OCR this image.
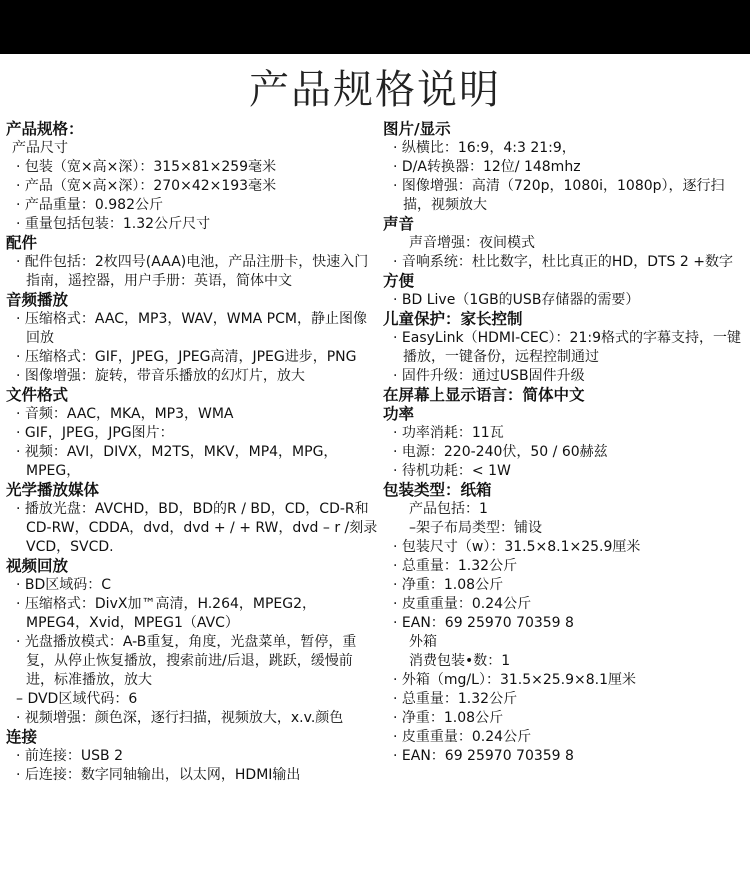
产品规格说明
产品规格：
产品尺寸
· 包装（宽×高×深）：315×81×259毫米
· 产品（宽×高×深）：270×42×193毫米
· 产品重量：0.982公斤
· 重量包括包装：1.32公斤尺寸
配件
· 配件包括：2枚四号(AAA)电池，产品注册卡，快速入门指南，遥控器，用户手册：英语，简体中文
音频播放
· 压缩格式：AAC，MP3，WAV，WMA PCM，静止图像回放
· 压缩格式：GIF，JPEG，JPEG高清，JPEG进步，PNG
· 图像增强：旋转，带音乐播放的幻灯片，放大
文件格式
· 音频：AAC，MKA，MP3，WMA
· GIF，JPEG，JPG图片：
· 视频：AVI，DIVX，M2TS，MKV，MP4，MPG，MPEG，
光学播放媒体
· 播放光盘：AVCHD，BD，BD的R / BD，CD，CD-R和CD-RW，CDDA，dvd，dvd + / + RW，dvd – r /刻录VCD，SVCD.
视频回放
· BD区域码：C
· 压缩格式：DivX加™高清，H.264，MPEG2，MPEG4，Xvid，MPEG1（AVC）
· 光盘播放模式：A-B重复，角度，光盘菜单，暂停，重复，从停止恢复播放，搜索前进/后退，跳跃，缓慢前进，标准播放，放大
– DVD区域代码：6
· 视频增强：颜色深，逐行扫描，视频放大，x.v.颜色
连接
· 前连接：USB 2
· 后连接：数字同轴输出，以太网，HDMI输出
图片/显示
· 纵横比：16:9，4:3 21:9，
· D/A转换器：12位/ 148mhz
· 图像增强：高清（720p，1080i，1080p），逐行扫描，视频放大
声音
声音增强：夜间模式
· 音响系统：杜比数字，杜比真正的HD，DTS 2 +数字
方便
· BD Live（1GB的USB存储器的需要）
儿童保护：家长控制
· EasyLink（HDMI-CEC）：21:9格式的字幕支持，一键播放，一键备份，远程控制通过
· 固件升级：通过USB固件升级
在屏幕上显示语言：简体中文
功率
· 功率消耗：11瓦
· 电源：220-240伏，50 / 60赫兹
· 待机功耗：< 1W
包装类型：纸箱
产品包括：1
–架子布局类型：铺设
· 包装尺寸（w）：31.5×8.1×25.9厘米
· 总重量：1.32公斤
· 净重：1.08公斤
· 皮重重量：0.24公斤
· EAN：69 25970 70359 8
外箱
消费包装•数：1
· 外箱（mg/L）：31.5×25.9×8.1厘米
· 总重量：1.32公斤
· 净重：1.08公斤
· 皮重重量：0.24公斤
· EAN：69 25970 70359 8
